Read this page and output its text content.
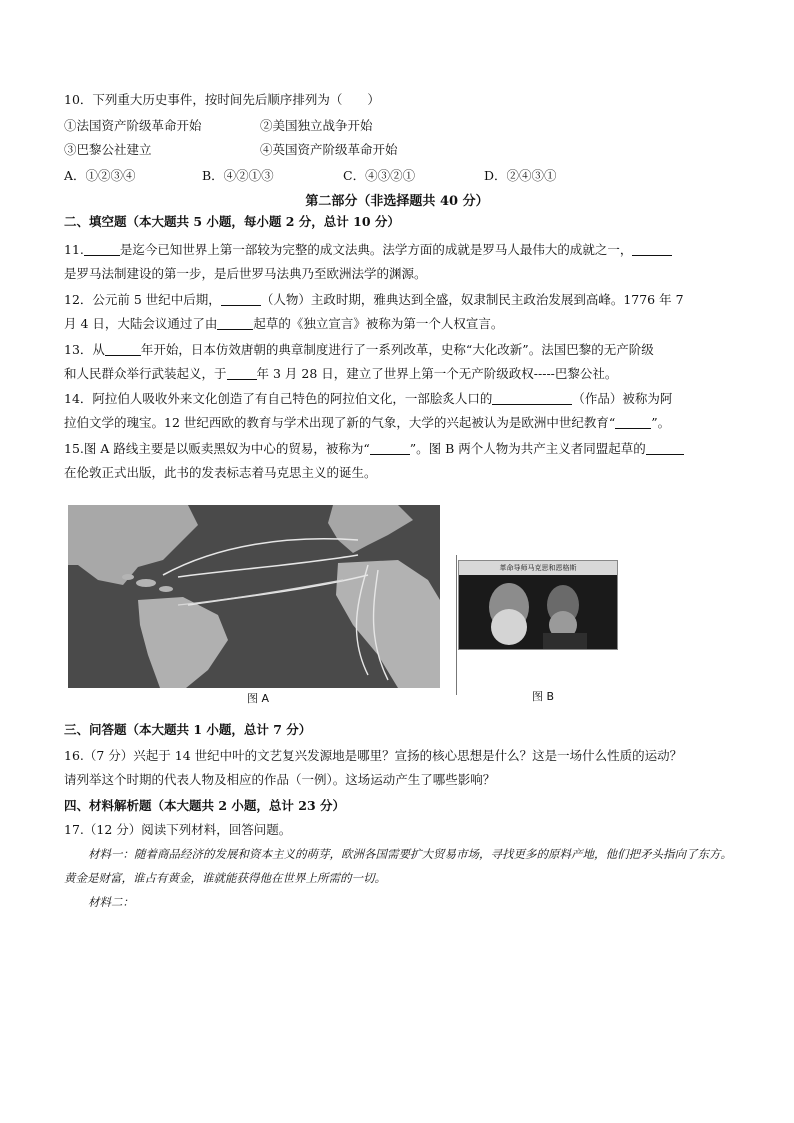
10．下列重大历史事件，按时间先后顺序排列为（　　）
①法国资产阶级革命开始	②美国独立战争开始
③巴黎公社建立	④英国资产阶级革命开始
A．①②③④	B．④②①③	C．④③②①	D．②④③①
第二部分（非选择题共 40 分）
二、填空题（本大题共 5 小题，每小题 2 分，总计 10 分）
11.	是迄今已知世界上第一部较为完整的成文法典。法学方面的成就是罗马人最伟大的成就之一，
是罗马法制建设的第一步，是后世罗马法典乃至欧洲法学的渊源。
12．公元前 5 世纪中后期，	（人物）主政时期，雅典达到全盛，奴隶制民主政治发展到高峰。1776 年 7
月 4 日，大陆会议通过了由	起草的《独立宣言》被称为第一个人权宣言。
13．从	年开始，日本仿效唐朝的典章制度进行了一系列改革，史称“大化改新”。法国巴黎的无产阶级
和人民群众举行武装起义，于 年 3 月 28 日，建立了世界上第一个无产阶级政权-----巴黎公社。
14．阿拉伯人吸收外来文化创造了有自己特色的阿拉伯文化，一部脍炙人口的	（作品）被称为阿
拉伯文学的瑰宝。12 世纪西欧的教育与学术出现了新的气象，大学的兴起被认为是欧洲中世纪教育“	”。
15.图 A 路线主要是以贩卖黑奴为中心的贸易，被称为“	”。图 B 两个人物为共产主义者同盟起草的
在伦敦正式出版，此书的发表标志着马克思主义的诞生。
图 A
革命导师马克思和恩格斯
图 B
三、问答题（本大题共 1 小题，总计 7 分）
16.（7 分）兴起于 14 世纪中叶的文艺复兴发源地是哪里？宣扬的核心思想是什么？这是一场什么性质的运动？
请列举这个时期的代表人物及相应的作品（一例）。这场运动产生了哪些影响？
四、材料解析题（本大题共 2 小题，总计 23 分）
17.（12 分）阅读下列材料，回答问题。
材料一：随着商品经济的发展和资本主义的萌芽，欧洲各国需要扩大贸易市场，寻找更多的原料产地，他们把矛头指向了东方。黄金是财富，谁占有黄金，谁就能获得他在世界上所需的一切。
材料二：
